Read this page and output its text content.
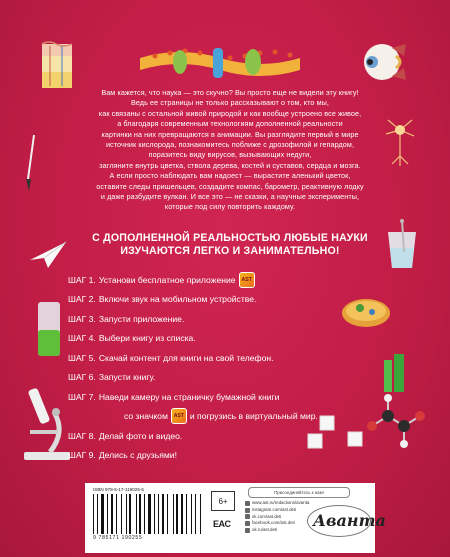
Вам кажется, что наука — это скучно? Вы просто еще не видели эту книгу!
Ведь ее страницы не только рассказывают о том, кто мы,
как связаны с остальной живой природой и как вообще устроено все живое,
а благодаря современным технологиям дополненной реальности
картинки на них превращаются в анимации. Вы разглядите первый в мире
источник кислорода, познакомитесь поближе с дрозофилой и гепардом,
поразитесь виду вирусов, вызывающих недуги,
загляните внутрь цветка, ствола дерева, костей и суставов, сердца и мозга.
А если просто наблюдать вам надоест — вырастите аленький цветок,
оставите следы пришельцев, создадите компас, барометр, реактивную лодку
и даже разбудите вулкан. И все это — не сказки, а научные эксперименты,
которые под силу повторить каждому.
С ДОПОЛНЕННОЙ РЕАЛЬНОСТЬЮ ЛЮБЫЕ НАУКИ
ИЗУЧАЮТСЯ ЛЕГКО И ЗАНИМАТЕЛЬНО!
ШАГ 1. Установи бесплатное приложение	AST
ШАГ 2. Включи звук на мобильном устройстве.
ШАГ 3. Запусти приложение.
ШАГ 4. Выбери книгу из списка.
ШАГ 5. Скачай контент для книги на свой телефон.
ШАГ 6. Запусти книгу.
ШАГ 7. Наведи камеру на страничку бумажной книги
со значком	AST и погрузись в виртуальный мир.
ШАГ 8. Делай фото и видео.
ШАГ 9. Делись с друзьями!
ISBN 978-5-17-119025-5
9 785171 190255
6+
EAC
Присоединяйтесь к нам!
www.ast.ru/redactions/avanta
instagram.com/ast.deti
vk.com/ast.deti
facebook.com/ast.deti
ok.ru/ast.deti Аванта
